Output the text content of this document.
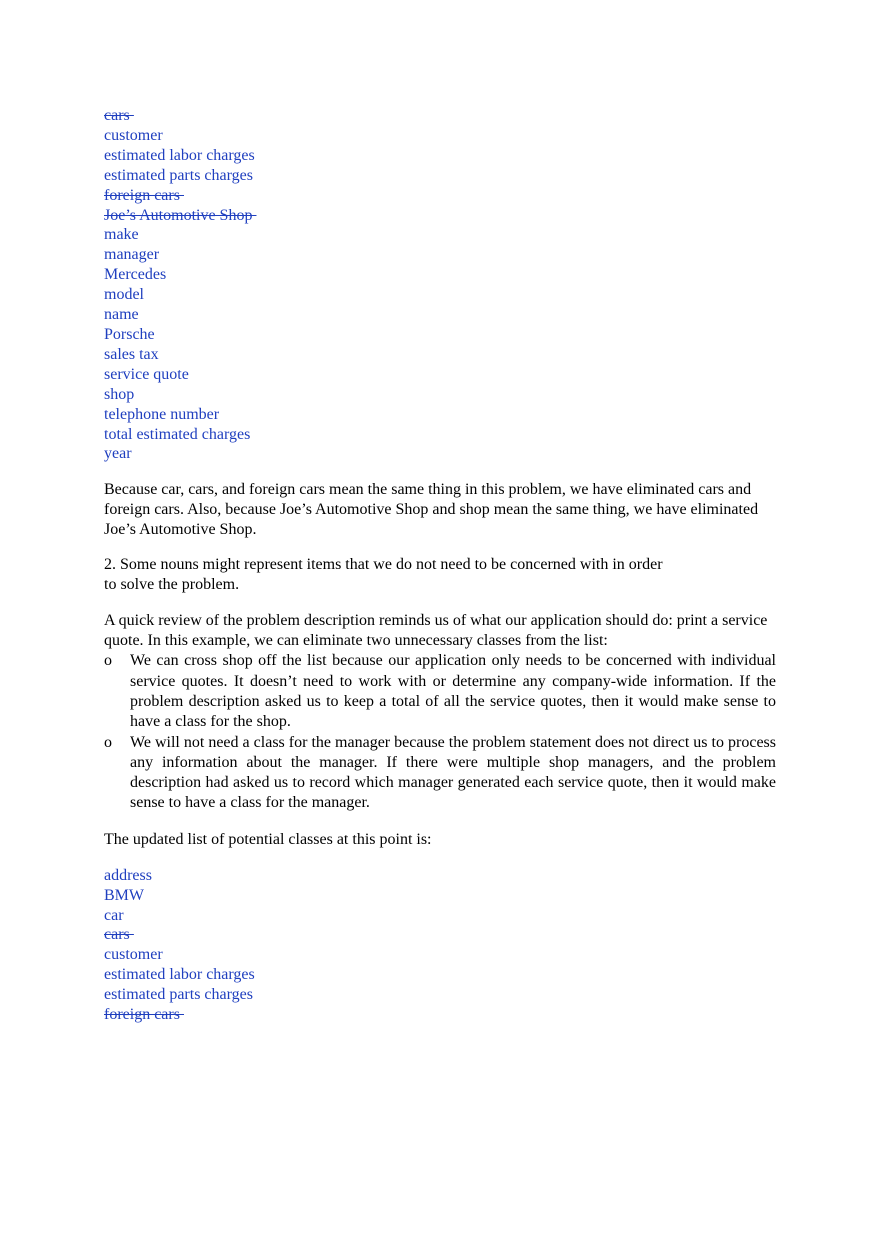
cars
customer
estimated labor charges
estimated parts charges
foreign cars
Joe’s Automotive Shop
make
manager
Mercedes
model
name
Porsche
sales tax
service quote
shop
telephone number
total estimated charges
year

Because car, cars, and foreign cars mean the same thing in this problem, we have eliminated cars and foreign cars. Also, because Joe’s Automotive Shop and shop mean the same thing, we have eliminated Joe’s Automotive Shop.

2. Some nouns might represent items that we do not need to be concerned with in order
to solve the problem.

A quick review of the problem description reminds us of what our application should do: print a service quote. In this example, we can eliminate two unnecessary classes from the list:

o We can cross shop off the list because our application only needs to be concerned with individual service quotes. It doesn’t need to work with or determine any company-wide information. If the problem description asked us to keep a total of all the service quotes, then it would make sense to have a class for the shop.
o We will not need a class for the manager because the problem statement does not direct us to process any information about the manager. If there were multiple shop managers, and the problem description had asked us to record which manager generated each service quote, then it would make sense to have a class for the manager.

The updated list of potential classes at this point is:

address
BMW
car
cars
customer
estimated labor charges
estimated parts charges
foreign cars
